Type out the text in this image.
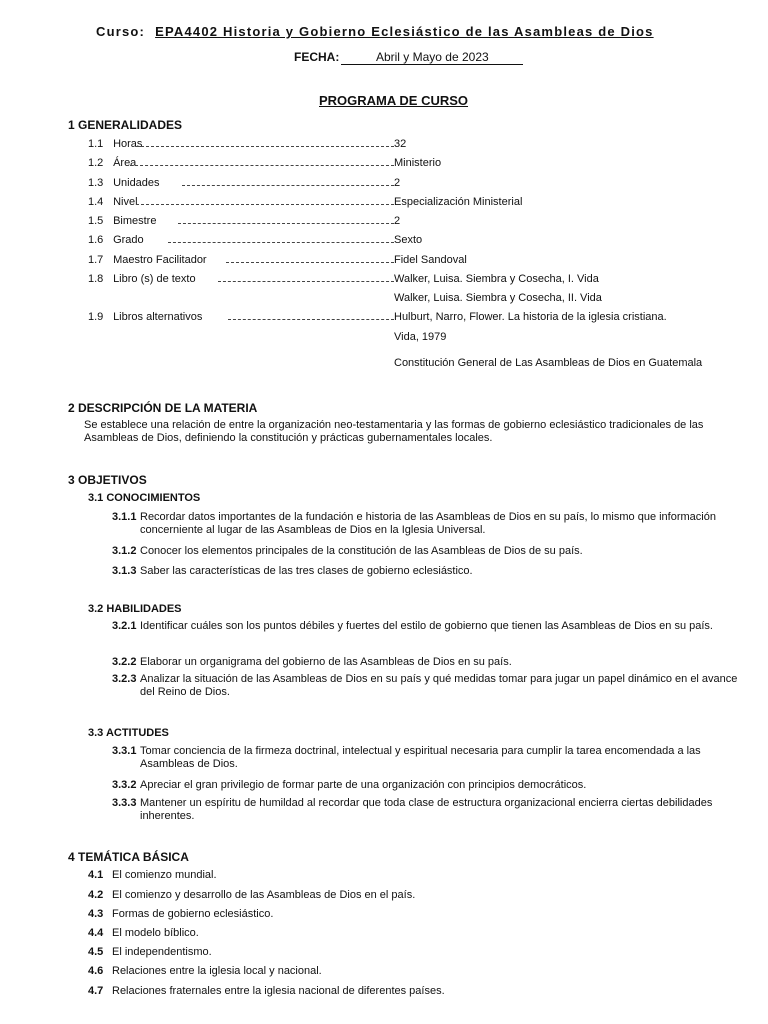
Curso: EPA4402 Historia y Gobierno Eclesiástico de las Asambleas de Dios
FECHA:	Abril y Mayo de 2023
PROGRAMA DE CURSO
1 GENERALIDADES
1.1 Horas	32
1.2 Área	Ministerio
1.3 Unidades	2
1.4 Nivel	Especialización Ministerial
1.5 Bimestre	2
1.6 Grado	Sexto
1.7 Maestro Facilitador	Fidel Sandoval
1.8 Libro (s) de texto	Walker, Luisa. Siembra y Cosecha, I. Vida
Walker, Luisa. Siembra y Cosecha, II. Vida
1.9 Libros alternativos	Hulburt, Narro, Flower. La historia de la iglesia cristiana.
Vida, 1979
Constitución General de Las Asambleas de Dios en Guatemala
2 DESCRIPCIÓN DE LA MATERIA
Se establece una relación de entre la organización neo-testamentaria y las formas de gobierno eclesiástico tradicionales de las Asambleas de Dios, definiendo la constitución y prácticas gubernamentales locales.
3 OBJETIVOS
3.1 CONOCIMIENTOS
3.1.1 Recordar datos importantes de la fundación e historia de las Asambleas de Dios en su país, lo mismo que información concerniente al lugar de las Asambleas de Dios en la Iglesia Universal.
3.1.2 Conocer los elementos principales de la constitución de las Asambleas de Dios de su país.
3.1.3 Saber las características de las tres clases de gobierno eclesiástico.
3.2 HABILIDADES
3.2.1 Identificar cuáles son los puntos débiles y fuertes del estilo de gobierno que tienen las Asambleas de Dios en su país.
3.2.2 Elaborar un organigrama del gobierno de las Asambleas de Dios en su país.
3.2.3 Analizar la situación de las Asambleas de Dios en su país y qué medidas tomar para jugar un papel dinámico en el avance del Reino de Dios.
3.3 ACTITUDES
3.3.1 Tomar conciencia de la firmeza doctrinal, intelectual y espiritual necesaria para cumplir la tarea encomendada a las Asambleas de Dios.
3.3.2 Apreciar el gran privilegio de formar parte de una organización con principios democráticos.
3.3.3 Mantener un espíritu de humildad al recordar que toda clase de estructura organizacional encierra ciertas debilidades inherentes.
4 TEMÁTICA BÁSICA
4.1 El comienzo mundial.
4.2 El comienzo y desarrollo de las Asambleas de Dios en el país.
4.3 Formas de gobierno eclesiástico.
4.4 El modelo bíblico.
4.5 El independentismo.
4.6 Relaciones entre la iglesia local y nacional.
4.7 Relaciones fraternales entre la iglesia nacional de diferentes países.
